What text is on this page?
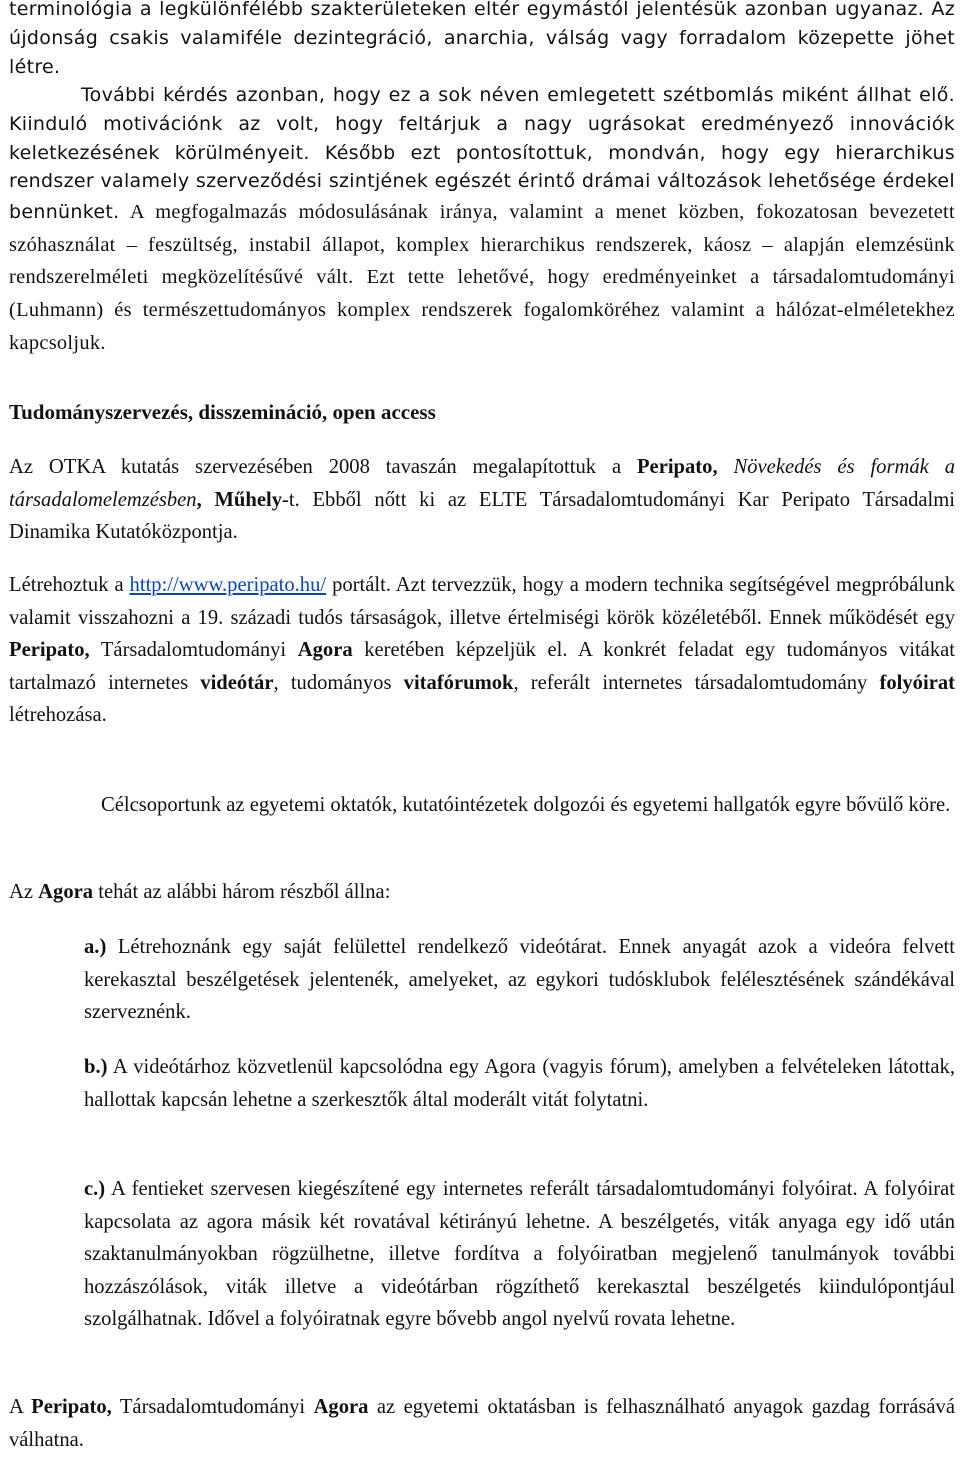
terminológia a legkülönfélébb szakterületeken eltér egymástól jelentésük azonban ugyanaz. Az újdonság csakis valamiféle dezintegráció, anarchia, válság vagy forradalom közepette jöhet létre.

További kérdés azonban, hogy ez a sok néven emlegetett szétbomlás miként állhat elő. Kiinduló motivációnk az volt, hogy feltárjuk a nagy ugrásokat eredményező innovációk keletkezésének körülményeit. Később ezt pontosítottuk, mondván, hogy egy hierarchikus rendszer valamely szerveződési szintjének egészét érintő drámai változások lehetősége érdekel bennünket. A megfogalmazás módosulásának iránya, valamint a menet közben, fokozatosan bevezetett szóhasználat – feszültség, instabil állapot, komplex hierarchikus rendszerek, káosz – alapján elemzésünk rendszerelméleti megközelítésűvé vált. Ezt tette lehetővé, hogy eredményeinket a társadalomtudományi (Luhmann) és természettudományos komplex rendszerek fogalomköréhez valamint a hálózat-elméletekhez kapcsoljuk.

Tudományszervezés, disszemináció, open access

Az OTKA kutatás szervezésében 2008 tavaszán megalapítottuk a Peripato, Növekedés és formák a társadalomelemzésben, Műhely-t. Ebből nőtt ki az ELTE Társadalomtudományi Kar Peripato Társadalmi Dinamika Kutatóközpontja.

Létrehoztuk a http://www.peripato.hu/ portált. Azt tervezzük, hogy a modern technika segítségével megpróbálunk valamit visszahozni a 19. századi tudós társaságok, illetve értelmiségi körök közéletéből. Ennek működését egy Peripato, Társadalomtudományi Agora keretében képzeljük el. A konkrét feladat egy tudományos vitákat tartalmazó internetes videótár, tudományos vitafórumok, referált internetes társadalomtudomány folyóirat létrehozása.

Célcsoportunk az egyetemi oktatók, kutatóintézetek dolgozói és egyetemi hallgatók egyre bővülő köre.

Az Agora tehát az alábbi három részből állna:

a.) Létrehoznánk egy saját felülettel rendelkező videótárat. Ennek anyagát azok a videóra felvett kerekasztal beszélgetések jelentenék, amelyeket, az egykori tudósklubok felélesztésének szándékával szerveznénk.

b.) A videótárhoz közvetlenül kapcsolódna egy Agora (vagyis fórum), amelyben a felvételeken látottak, hallottak kapcsán lehetne a szerkesztők által moderált vitát folytatni.

c.) A fentieket szervesen kiegészítené egy internetes referált társadalomtudományi folyóirat. A folyóirat kapcsolata az agora másik két rovatával kétirányú lehetne. A beszélgetés, viták anyaga egy idő után szaktanulmányokban rögzülhetne, illetve fordítva a folyóiratban megjelenő tanulmányok további hozzászólások, viták illetve a videótárban rögzíthető kerekasztal beszélgetés kiindulópontjául szolgálhatnak. Idővel a folyóiratnak egyre bővebb angol nyelvű rovata lehetne.

A Peripato, Társadalomtudományi Agora az egyetemi oktatásban is felhasználható anyagok gazdag forrásává válhatna.
